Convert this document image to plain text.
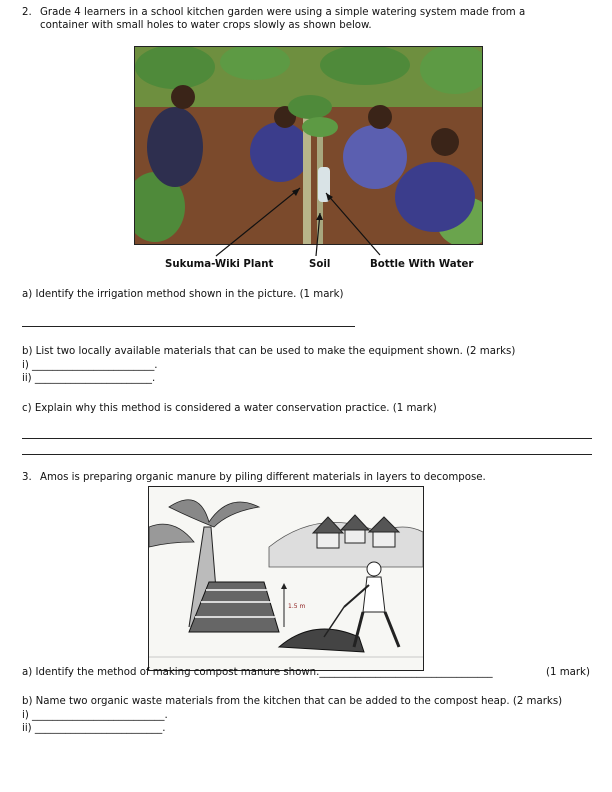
2. Grade 4 learners in a school kitchen garden were using a simple watering system made from a
container with small holes to water crops slowly as shown below.
Sukuma-Wiki Plant	Soil	Bottle With Water
a) Identify the irrigation method shown in the picture. (1 mark)
b) List two locally available materials that can be used to make the equipment shown. (2 marks)
i) ________________________.
ii) _______________________.
c) Explain why this method is considered a water conservation practice. (1 mark)
3. Amos is preparing organic manure by piling different materials in layers to decompose.
1.5 m
a) Identify the method of making compost manure shown.__________________________________	(1 mark)
b) Name two organic waste materials from the kitchen that can be added to the compost heap. (2 marks)
i) __________________________.
ii) _________________________.
